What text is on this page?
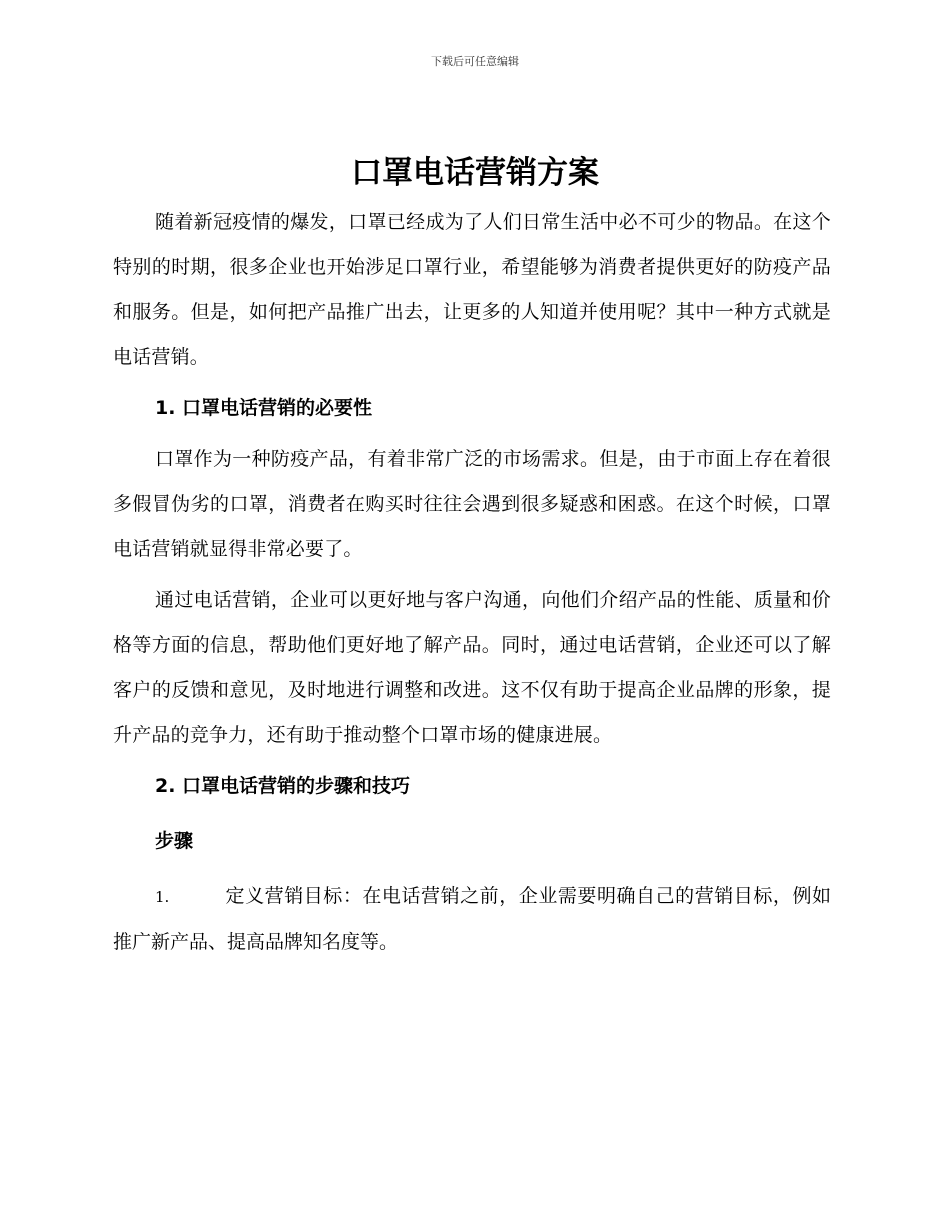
下载后可任意编辑
口罩电话营销方案

随着新冠疫情的爆发，口罩已经成为了人们日常生活中必不可少的物品。在这个特别的时期，很多企业也开始涉足口罩行业，希望能够为消费者提供更好的防疫产品和服务。但是，如何把产品推广出去，让更多的人知道并使用呢？其中一种方式就是电话营销。

1. 口罩电话营销的必要性

口罩作为一种防疫产品，有着非常广泛的市场需求。但是，由于市面上存在着很多假冒伪劣的口罩，消费者在购买时往往会遇到很多疑惑和困惑。在这个时候，口罩电话营销就显得非常必要了。

通过电话营销，企业可以更好地与客户沟通，向他们介绍产品的性能、质量和价格等方面的信息，帮助他们更好地了解产品。同时，通过电话营销，企业还可以了解客户的反馈和意见，及时地进行调整和改进。这不仅有助于提高企业品牌的形象，提升产品的竞争力，还有助于推动整个口罩市场的健康进展。

2. 口罩电话营销的步骤和技巧

步骤

1.	定义营销目标：在电话营销之前，企业需要明确自己的营销目标，例如推广新产品、提高品牌知名度等。
